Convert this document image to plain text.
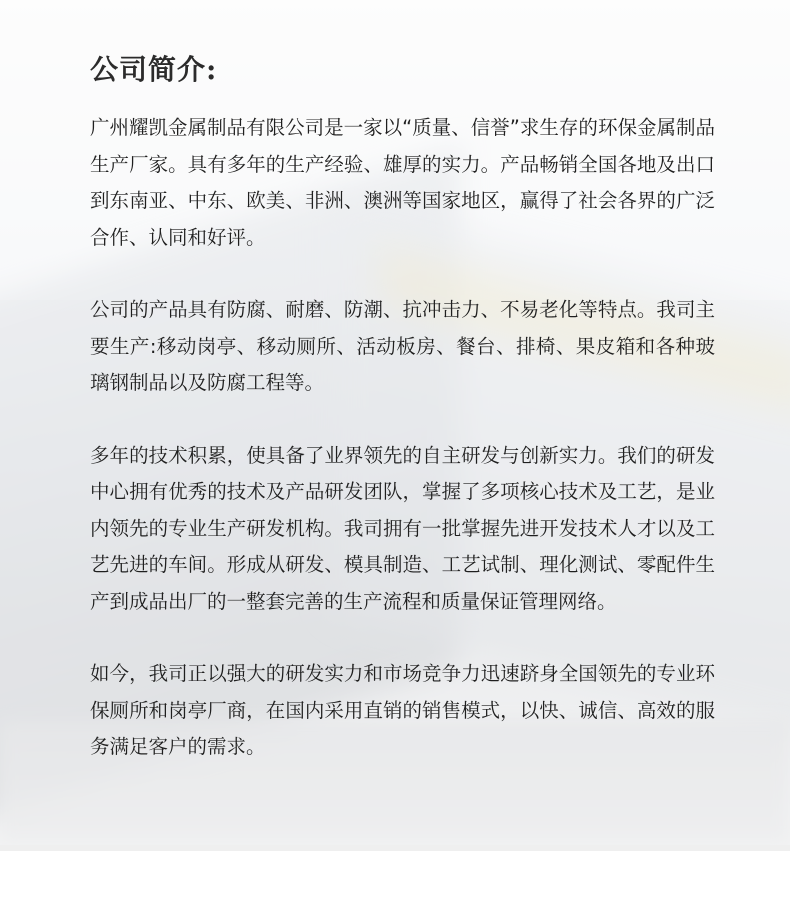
公司简介:

广州耀凯金属制品有限公司是一家以“质量、信誉”求生存的环保金属制品生产厂家。具有多年的生产经验、雄厚的实力。产品畅销全国各地及出口到东南亚、中东、欧美、非洲、澳洲等国家地区，赢得了社会各界的广泛合作、认同和好评。

公司的产品具有防腐、耐磨、防潮、抗冲击力、不易老化等特点。我司主要生产:移动岗亭、移动厕所、活动板房、餐台、排椅、果皮箱和各种玻璃钢制品以及防腐工程等。

多年的技术积累，使具备了业界领先的自主研发与创新实力。我们的研发中心拥有优秀的技术及产品研发团队，掌握了多项核心技术及工艺，是业内领先的专业生产研发机构。我司拥有一批掌握先进开发技术人才以及工艺先进的车间。形成从研发、模具制造、工艺试制、理化测试、零配件生产到成品出厂的一整套完善的生产流程和质量保证管理网络。

如今，我司正以强大的研发实力和市场竞争力迅速跻身全国领先的专业环保厕所和岗亭厂商，在国内采用直销的销售模式，以快、诚信、高效的服务满足客户的需求。
